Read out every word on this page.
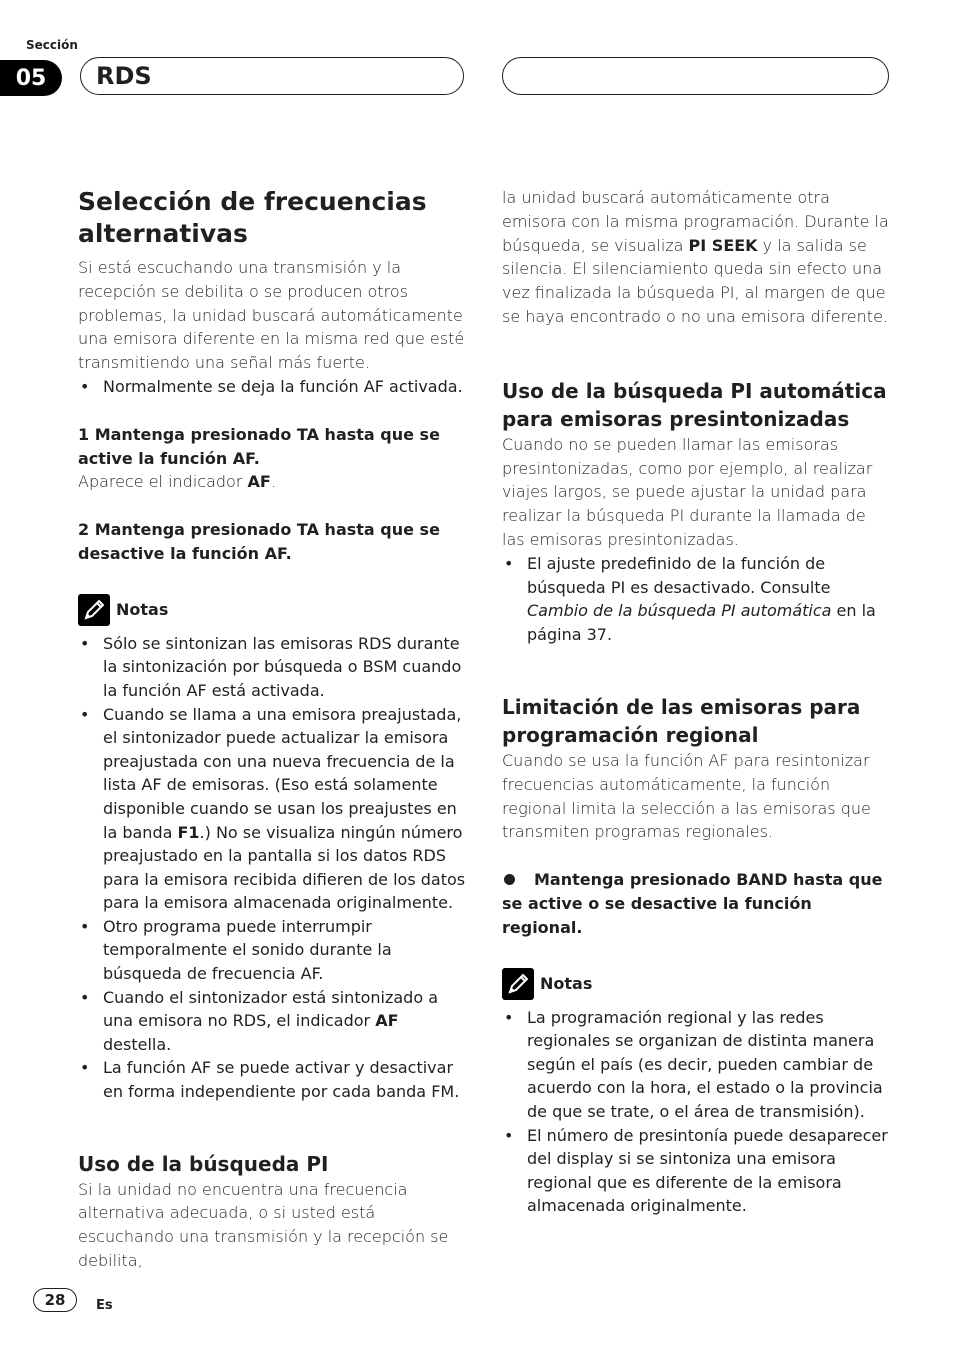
Sección
05	RDS
Selección de frecuencias alternativas

Si está escuchando una transmisión y la recepción se debilita o se producen otros problemas, la unidad buscará automáticamente una emisora diferente en la misma red que esté transmitiendo una señal más fuerte.

• Normalmente se deja la función AF activada.

1 Mantenga presionado TA hasta que se active la función AF.

Aparece el indicador AF.

2 Mantenga presionado TA hasta que se desactive la función AF.

Notas
• Sólo se sintonizan las emisoras RDS durante la sintonización por búsqueda o BSM cuando la función AF está activada.
• Cuando se llama a una emisora preajustada, el sintonizador puede actualizar la emisora preajustada con una nueva frecuencia de la lista AF de emisoras. (Eso está solamente disponible cuando se usan los preajustes en la banda F1.) No se visualiza ningún número preajustado en la pantalla si los datos RDS para la emisora recibida difieren de los datos para la emisora almacenada originalmente.
• Otro programa puede interrumpir temporalmente el sonido durante la búsqueda de frecuencia AF.
• Cuando el sintonizador está sintonizado a una emisora no RDS, el indicador AF destella.
• La función AF se puede activar y desactivar en forma independiente por cada banda FM.
Uso de la búsqueda PI

Si la unidad no encuentra una frecuencia alternativa adecuada, o si usted está escuchando una transmisión y la recepción se debilita,

la unidad buscará automáticamente otra emisora con la misma programación. Durante la búsqueda, se visualiza PI SEEK y la salida se silencia. El silenciamiento queda sin efecto una vez finalizada la búsqueda PI, al margen de que se haya encontrado o no una emisora diferente.

Uso de la búsqueda PI automática para emisoras presintonizadas

Cuando no se pueden llamar las emisoras presintonizadas, como por ejemplo, al realizar viajes largos, se puede ajustar la unidad para realizar la búsqueda PI durante la llamada de las emisoras presintonizadas.

• El ajuste predefinido de la función de búsqueda PI es desactivado. Consulte Cambio de la búsqueda PI automática en la página 37.
Limitación de las emisoras para programación regional

Cuando se usa la función AF para resintonizar frecuencias automáticamente, la función regional limita la selección a las emisoras que transmiten programas regionales.

Mantenga presionado BAND hasta que se active o se desactive la función regional.

Notas
• La programación regional y las redes regionales se organizan de distinta manera según el país (es decir, pueden cambiar de acuerdo con la hora, el estado o la provincia de que se trate, o el área de transmisión).
• El número de presintonía puede desaparecer del display si se sintoniza una emisora regional que es diferente de la emisora almacenada originalmente.
28	Es
